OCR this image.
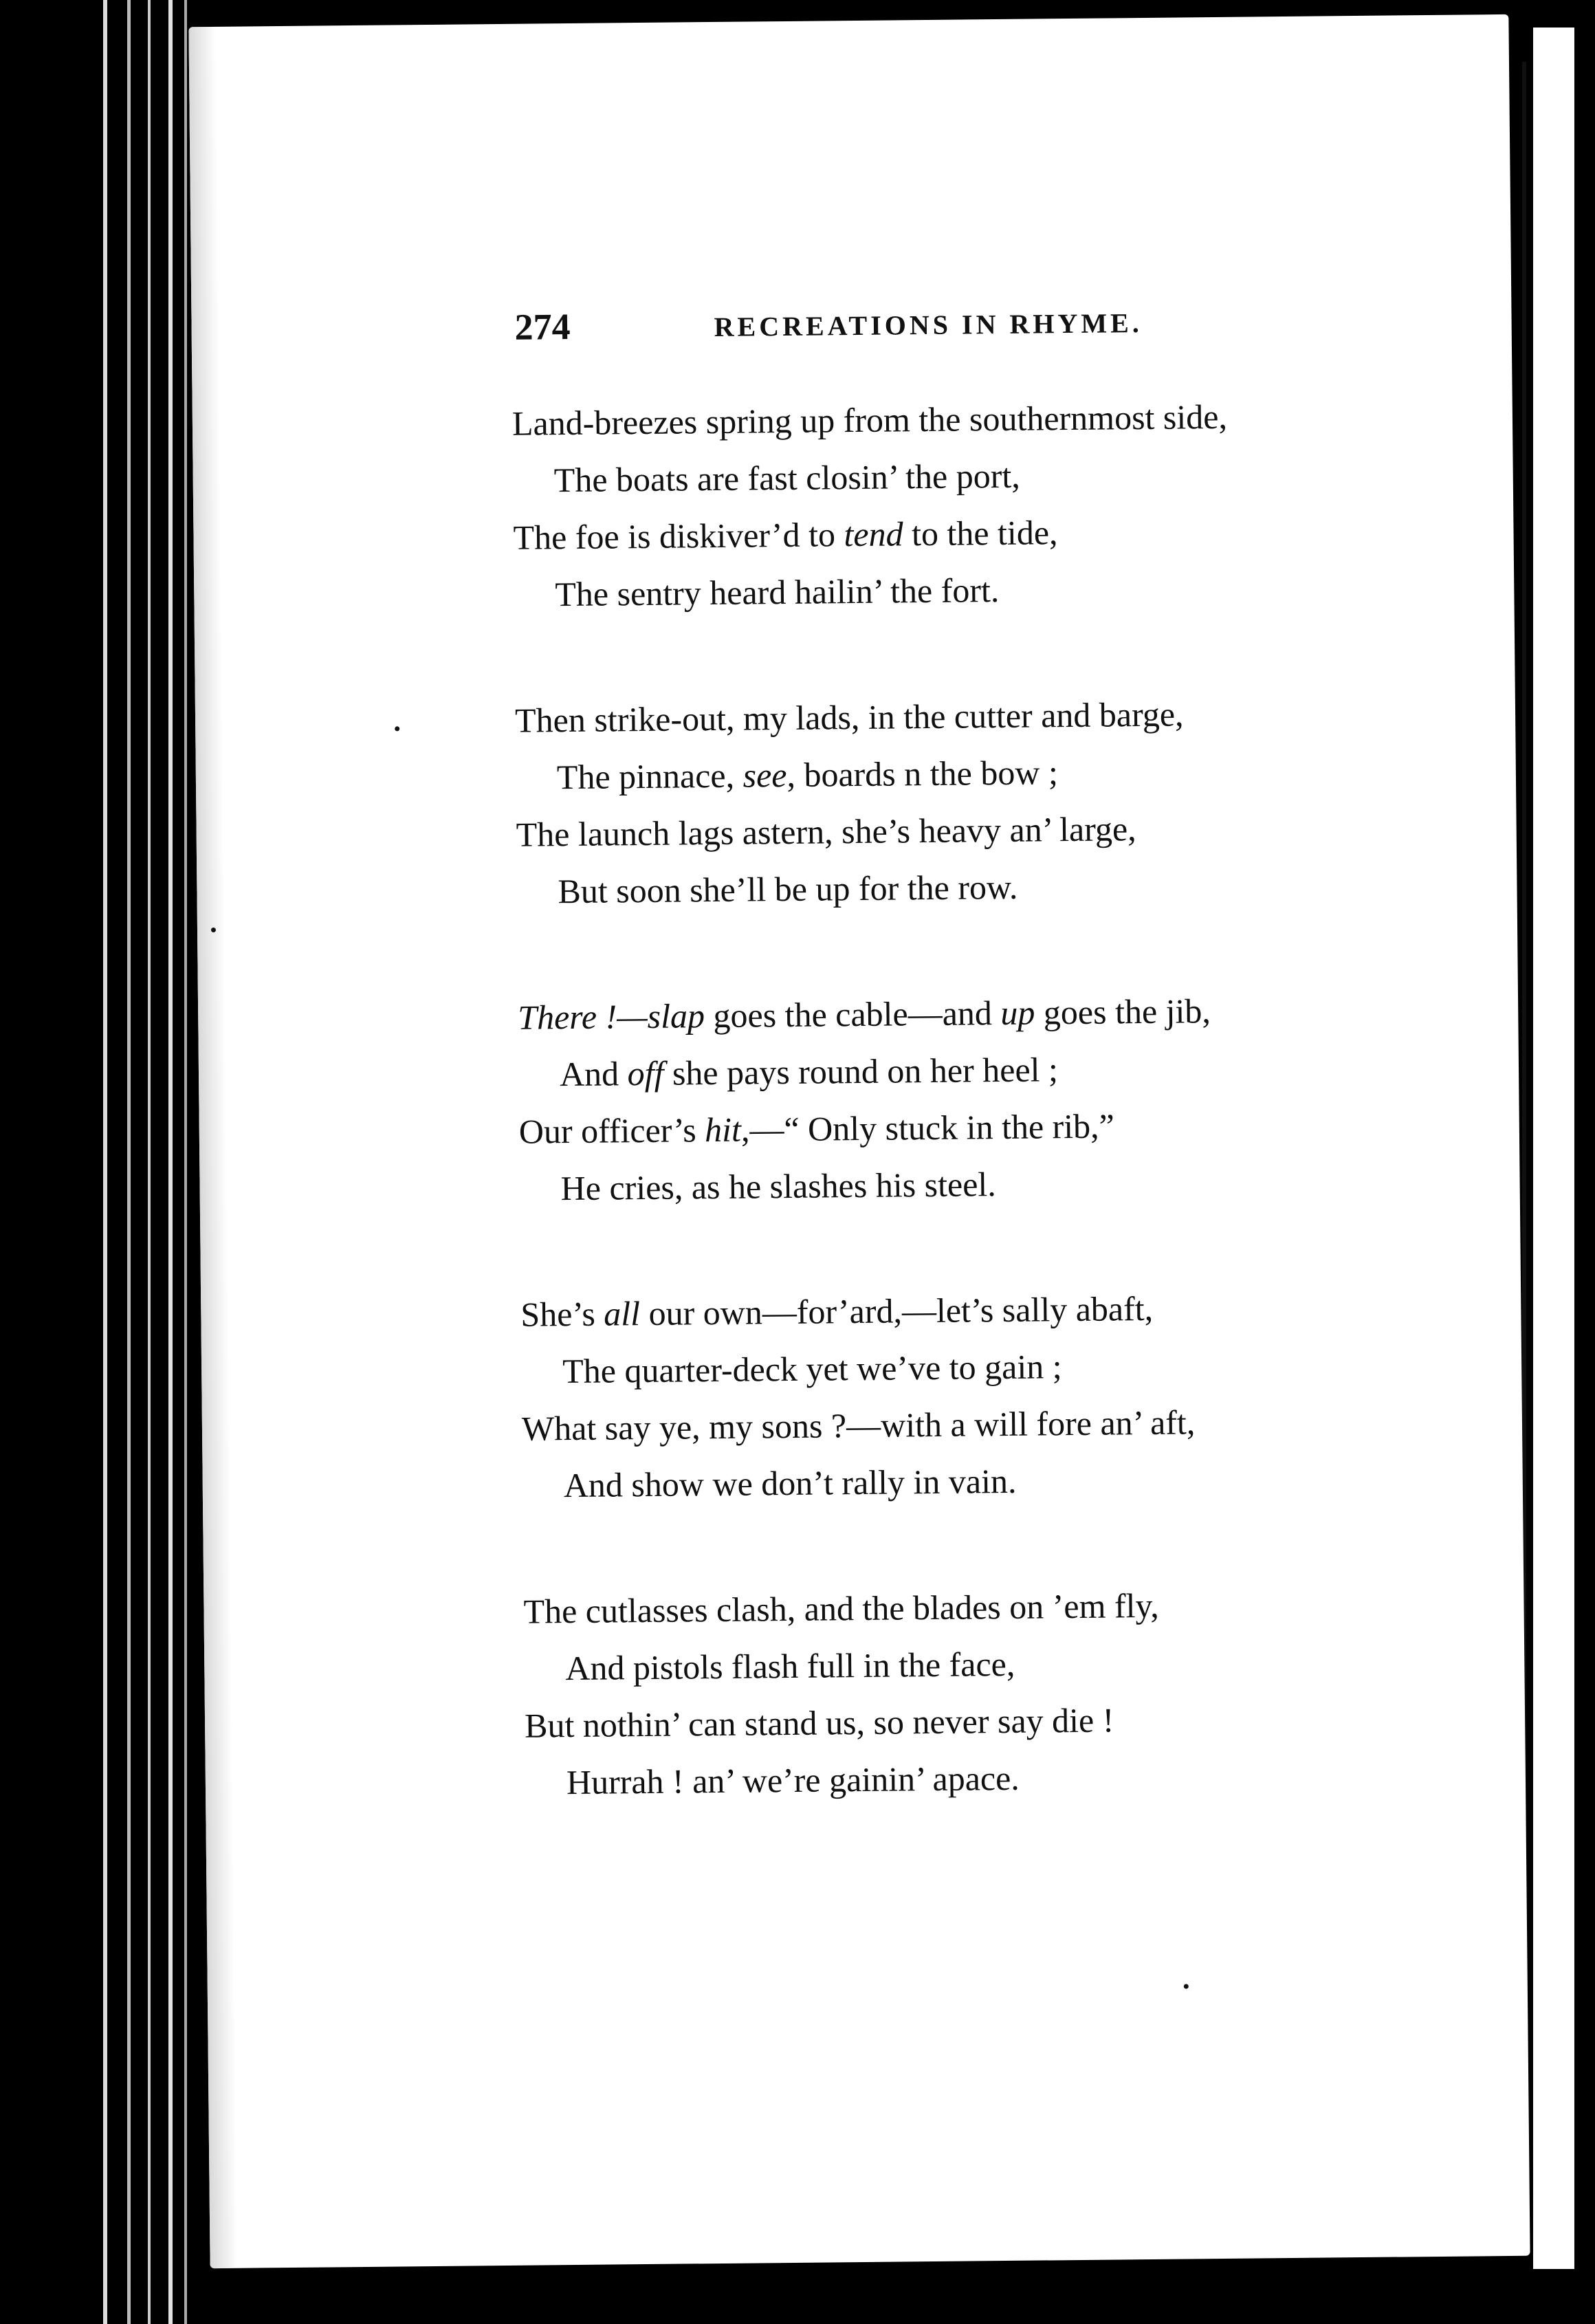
274	RECREATIONS IN RHYME.
Land-breezes spring up from the southernmost side,
The boats are fast closin’ the port,
The foe is diskiver’d to tend to the tide,
The sentry heard hailin’ the fort.
Then strike-out, my lads, in the cutter and barge,
The pinnace, see, boards n the bow ;
The launch lags astern, she’s heavy an’ large,
But soon she’ll be up for the row.
There !—slap goes the cable—and up goes the jib,
And off she pays round on her heel ;
Our officer’s hit,—“ Only stuck in the rib,”
He cries, as he slashes his steel.
She’s all our own—for’ard,—let’s sally abaft,
The quarter-deck yet we’ve to gain ;
What say ye, my sons ?—with a will fore an’ aft,
And show we don’t rally in vain.
The cutlasses clash, and the blades on ’em fly,
And pistols flash full in the face,
But nothin’ can stand us, so never say die !
Hurrah ! an’ we’re gainin’ apace.
